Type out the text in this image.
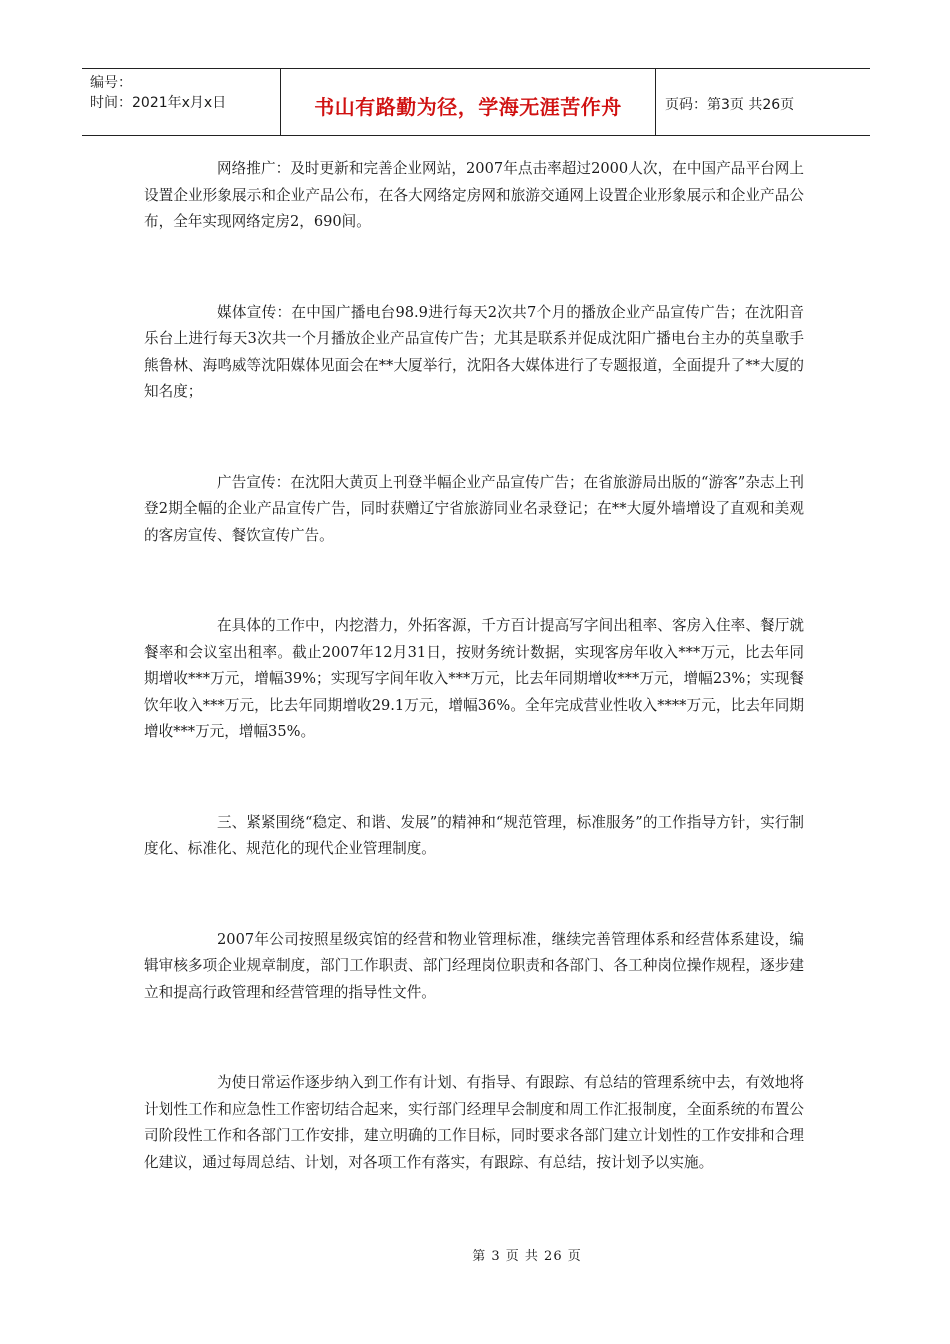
编号：
时间：2021年x月x日	书山有路勤为径，学海无涯苦作舟	页码：第3页 共26页

网络推广：及时更新和完善企业网站，2007年点击率超过2000人次，在中国产品平台网上设置企业形象展示和企业产品公布，在各大网络定房网和旅游交通网上设置企业形象展示和企业产品公布，全年实现网络定房2，690间。

媒体宣传：在中国广播电台98.9进行每天2次共7个月的播放企业产品宣传广告；在沈阳音乐台上进行每天3次共一个月播放企业产品宣传广告；尤其是联系并促成沈阳广播电台主办的英皇歌手熊鲁林、海鸣威等沈阳媒体见面会在**大厦举行，沈阳各大媒体进行了专题报道，全面提升了**大厦的知名度；

广告宣传：在沈阳大黄页上刊登半幅企业产品宣传广告；在省旅游局出版的“游客”杂志上刊登2期全幅的企业产品宣传广告，同时获赠辽宁省旅游同业名录登记；在**大厦外墙增设了直观和美观的客房宣传、餐饮宣传广告。

在具体的工作中，内挖潜力，外拓客源，千方百计提高写字间出租率、客房入住率、餐厅就餐率和会议室出租率。截止2007年12月31日，按财务统计数据，实现客房年收入***万元，比去年同期增收***万元，增幅39%；实现写字间年收入***万元，比去年同期增收***万元，增幅23%；实现餐饮年收入***万元，比去年同期增收29.1万元，增幅36%。全年完成营业性收入****万元，比去年同期增收***万元，增幅35%。

三、紧紧围绕“稳定、和谐、发展”的精神和“规范管理，标准服务”的工作指导方针，实行制度化、标准化、规范化的现代企业管理制度。

2007年公司按照星级宾馆的经营和物业管理标准，继续完善管理体系和经营体系建设，编辑审核多项企业规章制度，部门工作职责、部门经理岗位职责和各部门、各工种岗位操作规程，逐步建立和提高行政管理和经营管理的指导性文件。

为使日常运作逐步纳入到工作有计划、有指导、有跟踪、有总结的管理系统中去，有效地将计划性工作和应急性工作密切结合起来，实行部门经理早会制度和周工作汇报制度，全面系统的布置公司阶段性工作和各部门工作安排，建立明确的工作目标，同时要求各部门建立计划性的工作安排和合理化建议，通过每周总结、计划，对各项工作有落实，有跟踪、有总结，按计划予以实施。

第 3 页 共 26 页
